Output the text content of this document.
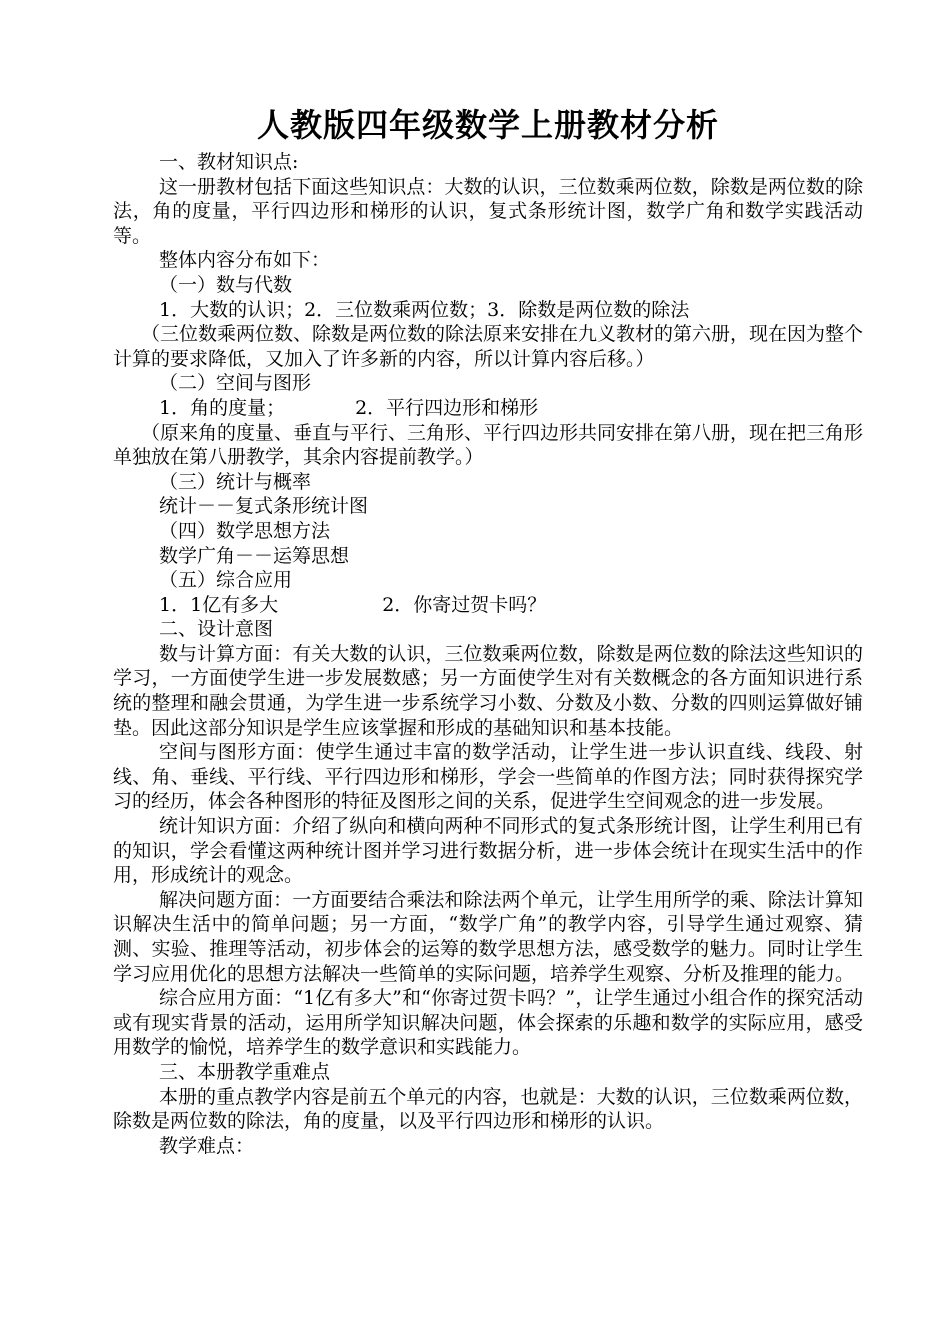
人教版四年级数学上册教材分析

一、教材知识点:

这一册教材包括下面这些知识点：大数的认识，三位数乘两位数，除数是两位数的除法，角的度量，平行四边形和梯形的认识，复式条形统计图，数学广角和数学实践活动等。

整体内容分布如下：

（一）数与代数

1．大数的认识；2．三位数乘两位数；3．除数是两位数的除法

（三位数乘两位数、除数是两位数的除法原来安排在九义教材的第六册，现在因为整个计算的要求降低，又加入了许多新的内容，所以计算内容后移。）

（二）空间与图形

1．角的度量；	2．平行四边形和梯形

（原来角的度量、垂直与平行、三角形、平行四边形共同安排在第八册，现在把三角形单独放在第八册教学，其余内容提前教学。）

（三）统计与概率

统计－－复式条形统计图

（四）数学思想方法

数学广角－－运筹思想

（五）综合应用

1．1亿有多大	2．你寄过贺卡吗？

二、设计意图

数与计算方面：有关大数的认识，三位数乘两位数，除数是两位数的除法这些知识的学习，一方面使学生进一步发展数感；另一方面使学生对有关数概念的各方面知识进行系统的整理和融会贯通，为学生进一步系统学习小数、分数及小数、分数的四则运算做好铺垫。因此这部分知识是学生应该掌握和形成的基础知识和基本技能。

空间与图形方面：使学生通过丰富的数学活动，让学生进一步认识直线、线段、射线、角、垂线、平行线、平行四边形和梯形，学会一些简单的作图方法；同时获得探究学习的经历，体会各种图形的特征及图形之间的关系，促进学生空间观念的进一步发展。

统计知识方面：介绍了纵向和横向两种不同形式的复式条形统计图，让学生利用已有的知识，学会看懂这两种统计图并学习进行数据分析，进一步体会统计在现实生活中的作用，形成统计的观念。

解决问题方面：一方面要结合乘法和除法两个单元，让学生用所学的乘、除法计算知识解决生活中的简单问题；另一方面，“数学广角”的教学内容，引导学生通过观察、猜测、实验、推理等活动，初步体会的运筹的数学思想方法，感受数学的魅力。同时让学生学习应用优化的思想方法解决一些简单的实际问题，培养学生观察、分析及推理的能力。

综合应用方面：“1亿有多大”和“你寄过贺卡吗？”，让学生通过小组合作的探究活动或有现实背景的活动，运用所学知识解决问题，体会探索的乐趣和数学的实际应用，感受用数学的愉悦，培养学生的数学意识和实践能力。

三、本册教学重难点

本册的重点教学内容是前五个单元的内容，也就是：大数的认识，三位数乘两位数，除数是两位数的除法，角的度量，以及平行四边形和梯形的认识。

教学难点：
